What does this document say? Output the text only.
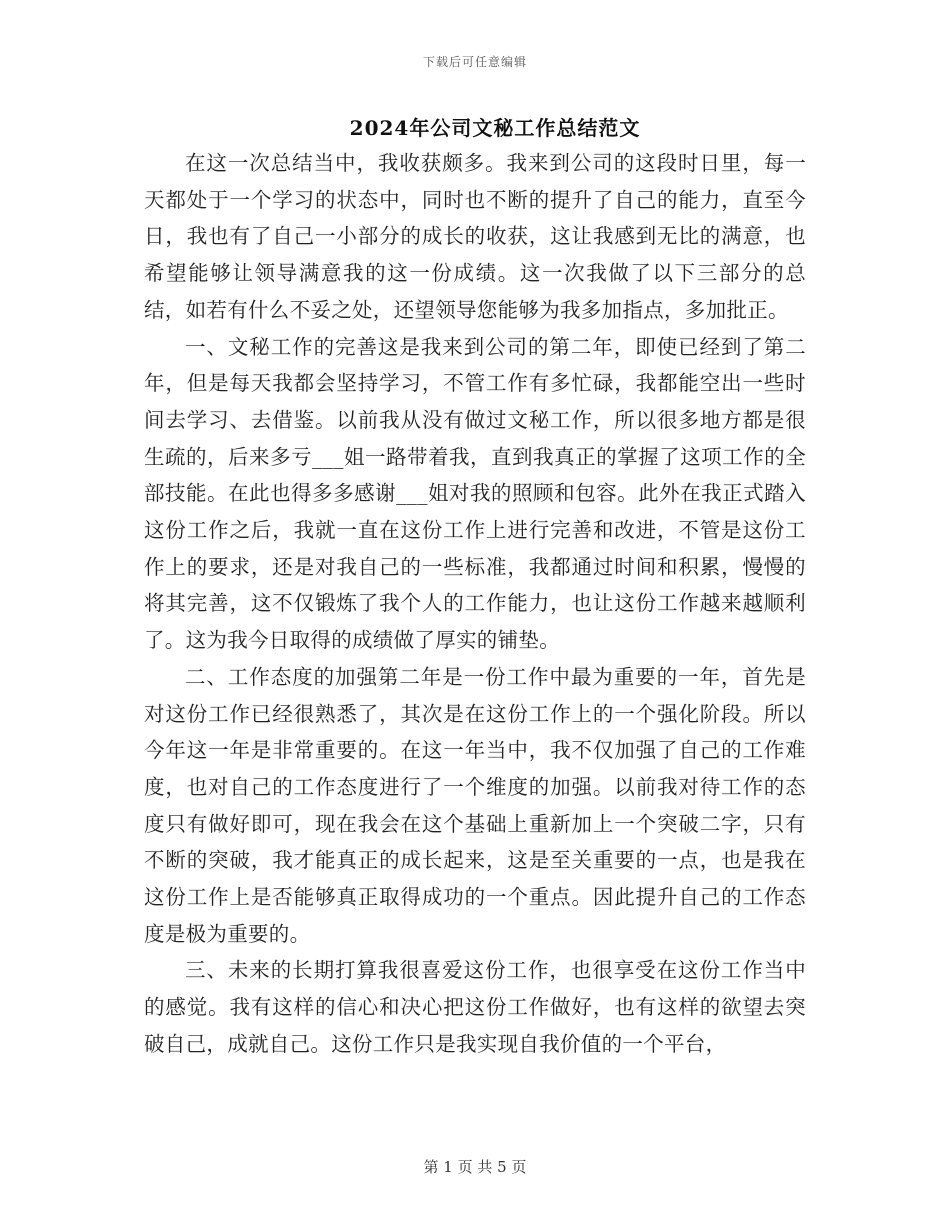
下载后可任意编辑
2024年公司文秘工作总结范文

在这一次总结当中，我收获颇多。我来到公司的这段时日里，每一天都处于一个学习的状态中，同时也不断的提升了自己的能力，直至今日，我也有了自己一小部分的成长的收获，这让我感到无比的满意，也希望能够让领导满意我的这一份成绩。这一次我做了以下三部分的总结，如若有什么不妥之处，还望领导您能够为我多加指点，多加批正。

一、文秘工作的完善这是我来到公司的第二年，即使已经到了第二年，但是每天我都会坚持学习，不管工作有多忙碌，我都能空出一些时间去学习、去借鉴。以前我从没有做过文秘工作，所以很多地方都是很生疏的，后来多亏___姐一路带着我，直到我真正的掌握了这项工作的全部技能。在此也得多多感谢___姐对我的照顾和包容。此外在我正式踏入这份工作之后，我就一直在这份工作上进行完善和改进，不管是这份工作上的要求，还是对我自己的一些标准，我都通过时间和积累，慢慢的将其完善，这不仅锻炼了我个人的工作能力，也让这份工作越来越顺利了。这为我今日取得的成绩做了厚实的铺垫。

二、工作态度的加强第二年是一份工作中最为重要的一年，首先是对这份工作已经很熟悉了，其次是在这份工作上的一个强化阶段。所以今年这一年是非常重要的。在这一年当中，我不仅加强了自己的工作难度，也对自己的工作态度进行了一个维度的加强。以前我对待工作的态度只有做好即可，现在我会在这个基础上重新加上一个突破二字，只有不断的突破，我才能真正的成长起来，这是至关重要的一点，也是我在这份工作上是否能够真正取得成功的一个重点。因此提升自己的工作态度是极为重要的。

三、未来的长期打算我很喜爱这份工作，也很享受在这份工作当中的感觉。我有这样的信心和决心把这份工作做好，也有这样的欲望去突破自己，成就自己。这份工作只是我实现自我价值的一个平台，

第 1 页 共 5 页
